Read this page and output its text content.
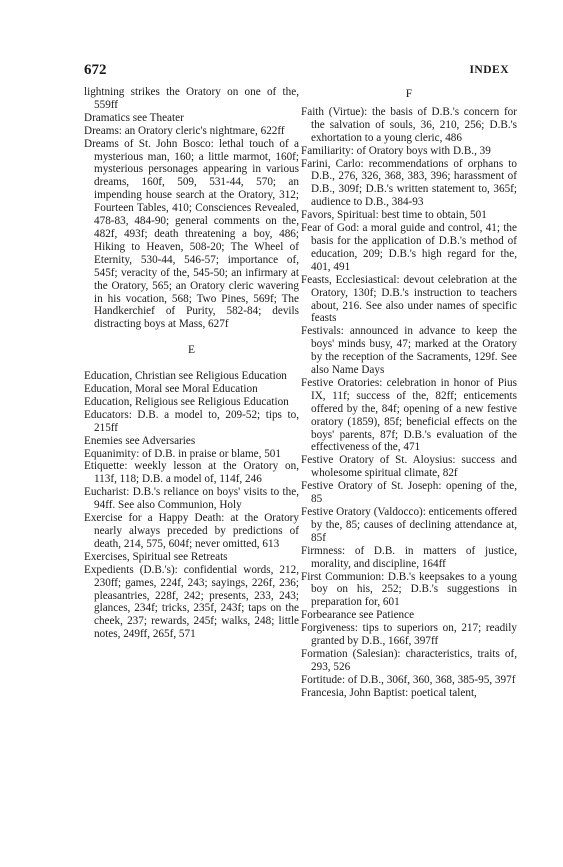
672	INDEX
lightning strikes the Oratory on one of the, 559ff
Dramatics see Theater
Dreams: an Oratory cleric's nightmare, 622ff
Dreams of St. John Bosco: lethal touch of a mysterious man, 160; a little marmot, 160f; mysterious personages appearing in various dreams, 160f, 509, 531-44, 570; an impending house search at the Oratory, 312; Fourteen Tables, 410; Consciences Revealed, 478-83, 484-90; general comments on the, 482f, 493f; death threatening a boy, 486; Hiking to Heaven, 508-20; The Wheel of Eternity, 530-44, 546-57; importance of, 545f; veracity of the, 545-50; an infirmary at the Oratory, 565; an Oratory cleric wavering in his vocation, 568; Two Pines, 569f; The Handkerchief of Purity, 582-84; devils distracting boys at Mass, 627f
E
Education, Christian see Religious Education
Education, Moral see Moral Education
Education, Religious see Religious Education
Educators: D.B. a model to, 209-52; tips to, 215ff
Enemies see Adversaries
Equanimity: of D.B. in praise or blame, 501
Etiquette: weekly lesson at the Oratory on, 113f, 118; D.B. a model of, 114f, 246
Eucharist: D.B.'s reliance on boys' visits to the, 94ff. See also Communion, Holy
Exercise for a Happy Death: at the Oratory nearly always preceded by predictions of death, 214, 575, 604f; never omitted, 613
Exercises, Spiritual see Retreats
Expedients (D.B.'s): confidential words, 212, 230ff; games, 224f, 243; sayings, 226f, 236; pleasantries, 228f, 242; presents, 233, 243; glances, 234f; tricks, 235f, 243f; taps on the cheek, 237; rewards, 245f; walks, 248; little notes, 249ff, 265f, 571
F
Faith (Virtue): the basis of D.B.'s concern for the salvation of souls, 36, 210, 256; D.B.'s exhortation to a young cleric, 486
Familiarity: of Oratory boys with D.B., 39
Farini, Carlo: recommendations of orphans to D.B., 276, 326, 368, 383, 396; harassment of D.B., 309f; D.B.'s written statement to, 365f; audience to D.B., 384-93
Favors, Spiritual: best time to obtain, 501
Fear of God: a moral guide and control, 41; the basis for the application of D.B.'s method of education, 209; D.B.'s high regard for the, 401, 491
Feasts, Ecclesiastical: devout celebration at the Oratory, 130f; D.B.'s instruction to teachers about, 216. See also under names of specific feasts
Festivals: announced in advance to keep the boys' minds busy, 47; marked at the Oratory by the reception of the Sacraments, 129f. See also Name Days
Festive Oratories: celebration in honor of Pius IX, 11f; success of the, 82ff; enticements offered by the, 84f; opening of a new festive oratory (1859), 85f; beneficial effects on the boys' parents, 87f; D.B.'s evaluation of the effectiveness of the, 471
Festive Oratory of St. Aloysius: success and wholesome spiritual climate, 82f
Festive Oratory of St. Joseph: opening of the, 85
Festive Oratory (Valdocco): enticements offered by the, 85; causes of declining attendance at, 85f
Firmness: of D.B. in matters of justice, morality, and discipline, 164ff
First Communion: D.B.'s keepsakes to a young boy on his, 252; D.B.'s suggestions in preparation for, 601
Forbearance see Patience
Forgiveness: tips to superiors on, 217; readily granted by D.B., 166f, 397ff
Formation (Salesian): characteristics, traits of, 293, 526
Fortitude: of D.B., 306f, 360, 368, 385-95, 397f
Francesia, John Baptist: poetical talent,
